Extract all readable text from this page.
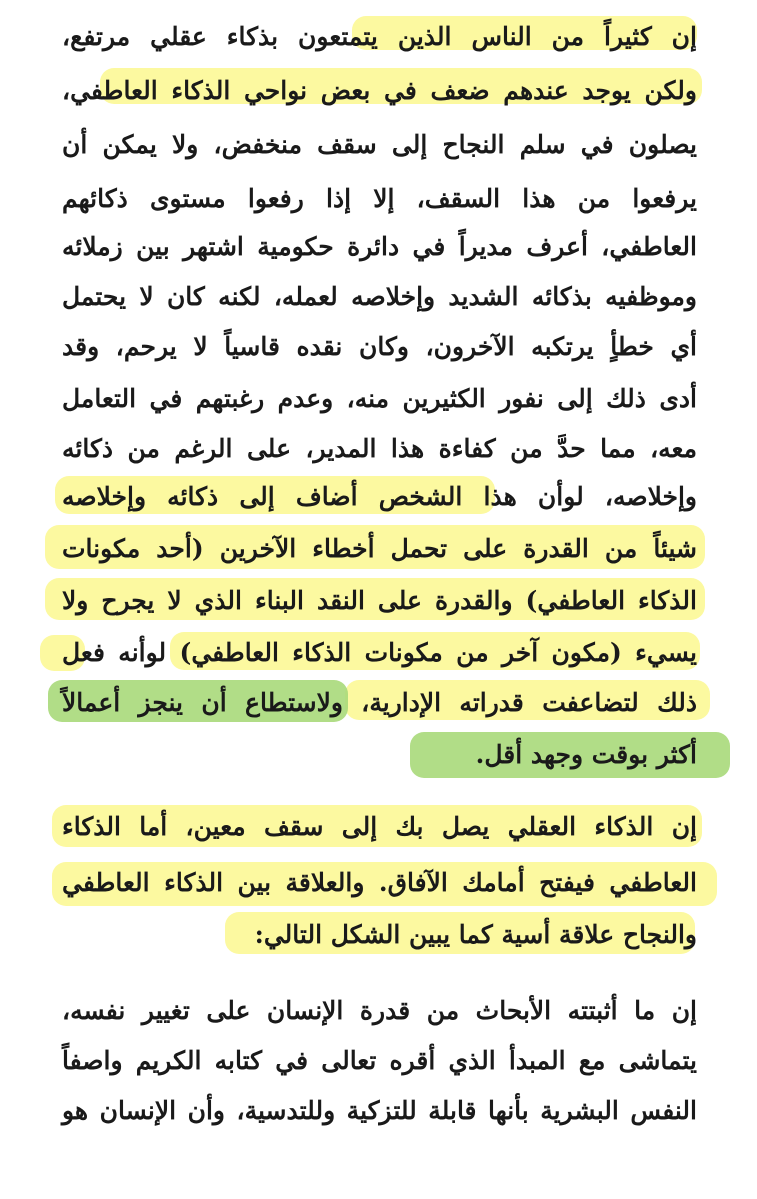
إن كثيراً من الناس الذين يتمتعون بذكاء عقلي مرتفع،
ولكن يوجد عندهم ضعف في بعض نواحي الذكاء العاطفي،
يصلون في سلم النجاح إلى سقف منخفض، ولا يمكن أن
يرفعوا من هذا السقف، إلا إذا رفعوا مستوى ذكائهم
العاطفي، أعرف مديراً في دائرة حكومية اشتهر بين زملائه
وموظفيه بذكائه الشديد وإخلاصه لعمله، لكنه كان لا يحتمل
أي خطأٍ يرتكبه الآخرون، وكان نقده قاسياً لا يرحم، وقد
أدى ذلك إلى نفور الكثيرين منه، وعدم رغبتهم في التعامل
معه، مما حدَّ من كفاءة هذا المدير، على الرغم من ذكائه
وإخلاصه، لوأن هذا الشخص أضاف إلى ذكائه وإخلاصه
شيئاً من القدرة على تحمل أخطاء الآخرين (أحد مكونات
الذكاء العاطفي) والقدرة على النقد البناء الذي لا يجرح ولا
يسيء (مكون آخر من مكونات الذكاء العاطفي) لوأنه فعل
ذلك لتضاعفت قدراته الإدارية، ولاستطاع أن ينجز أعمالاً
أكثر بوقت وجهد أقل.
إن الذكاء العقلي يصل بك إلى سقف معين، أما الذكاء
العاطفي فيفتح أمامك الآفاق. والعلاقة بين الذكاء العاطفي
والنجاح علاقة أسية كما يبين الشكل التالي:
إن ما أثبتته الأبحاث من قدرة الإنسان على تغيير نفسه،
يتماشى مع المبدأ الذي أقره تعالى في كتابه الكريم واصفاً
النفس البشرية بأنها قابلة للتزكية وللتدسية، وأن الإنسان هو
